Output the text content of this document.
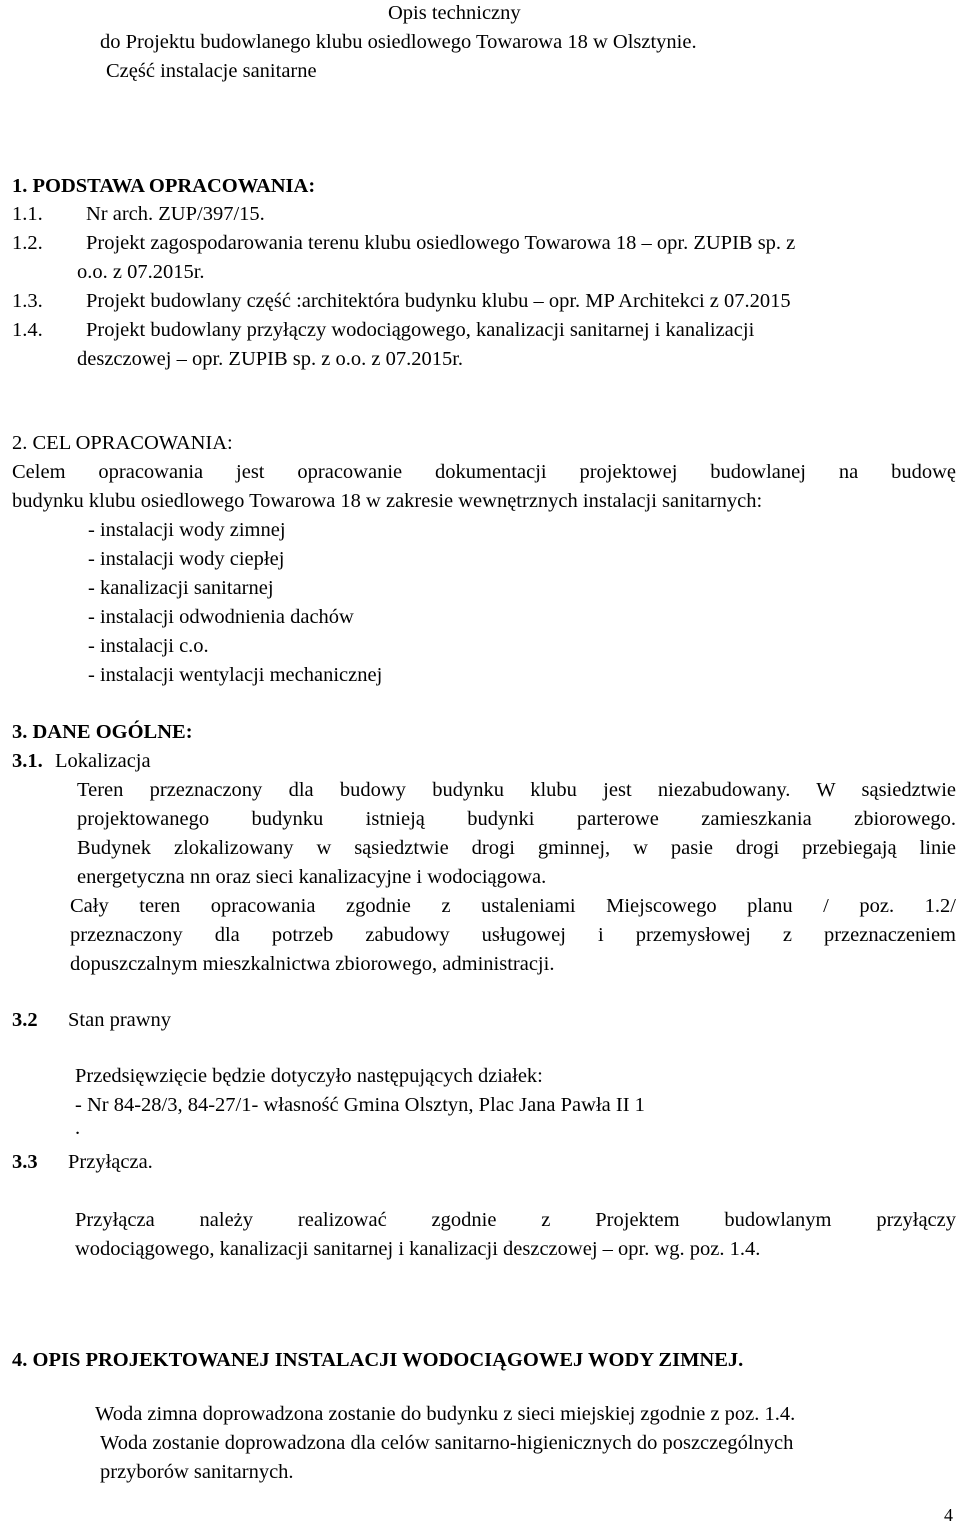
Opis techniczny
do Projektu budowlanego klubu osiedlowego Towarowa 18 w Olsztynie.
Część instalacje sanitarne
1. PODSTAWA OPRACOWANIA:
1.1. Nr arch. ZUP/397/15.
1.2. Projekt zagospodarowania terenu klubu osiedlowego Towarowa 18 – opr. ZUPIB sp. z
o.o. z 07.2015r.
1.3. Projekt budowlany część :architektóra budynku klubu – opr. MP Architekci z 07.2015
1.4. Projekt budowlany przyłączy wodociągowego, kanalizacji sanitarnej i kanalizacji
deszczowej – opr. ZUPIB sp. z o.o. z 07.2015r.
2. CEL OPRACOWANIA:
Celem opracowania jest opracowanie dokumentacji projektowej budowlanej na budowę
budynku klubu osiedlowego Towarowa 18 w zakresie wewnętrznych instalacji sanitarnych:
- instalacji wody zimnej
- instalacji wody ciepłej
- kanalizacji sanitarnej
- instalacji odwodnienia dachów
- instalacji c.o.
- instalacji wentylacji mechanicznej
3. DANE OGÓLNE:
3.1. Lokalizacja
Teren przeznaczony dla budowy budynku klubu jest niezabudowany. W sąsiedztwie
projektowanego budynku istnieją budynki parterowe zamieszkania zbiorowego.
Budynek zlokalizowany w sąsiedztwie drogi gminnej, w pasie drogi przebiegają linie
energetyczna nn oraz sieci kanalizacyjne i wodociągowa.
Cały teren opracowania zgodnie z ustaleniami Miejscowego planu / poz. 1.2/
przeznaczony dla potrzeb zabudowy usługowej i przemysłowej z przeznaczeniem
dopuszczalnym mieszkalnictwa zbiorowego, administracji.
3.2 Stan prawny
Przedsięwzięcie będzie dotyczyło następujących działek:
- Nr 84-28/3, 84-27/1- własność Gmina Olsztyn, Plac Jana Pawła II 1
.
3.3 Przyłącza.
Przyłącza należy realizować zgodnie z Projektem budowlanym przyłączy
wodociągowego, kanalizacji sanitarnej i kanalizacji deszczowej – opr. wg. poz. 1.4.
4. OPIS PROJEKTOWANEJ INSTALACJI WODOCIĄGOWEJ WODY ZIMNEJ.
Woda zimna doprowadzona zostanie do budynku z sieci miejskiej zgodnie z poz. 1.4.
Woda zostanie doprowadzona dla celów sanitarno-higienicznych do poszczególnych
przyborów sanitarnych.
4
